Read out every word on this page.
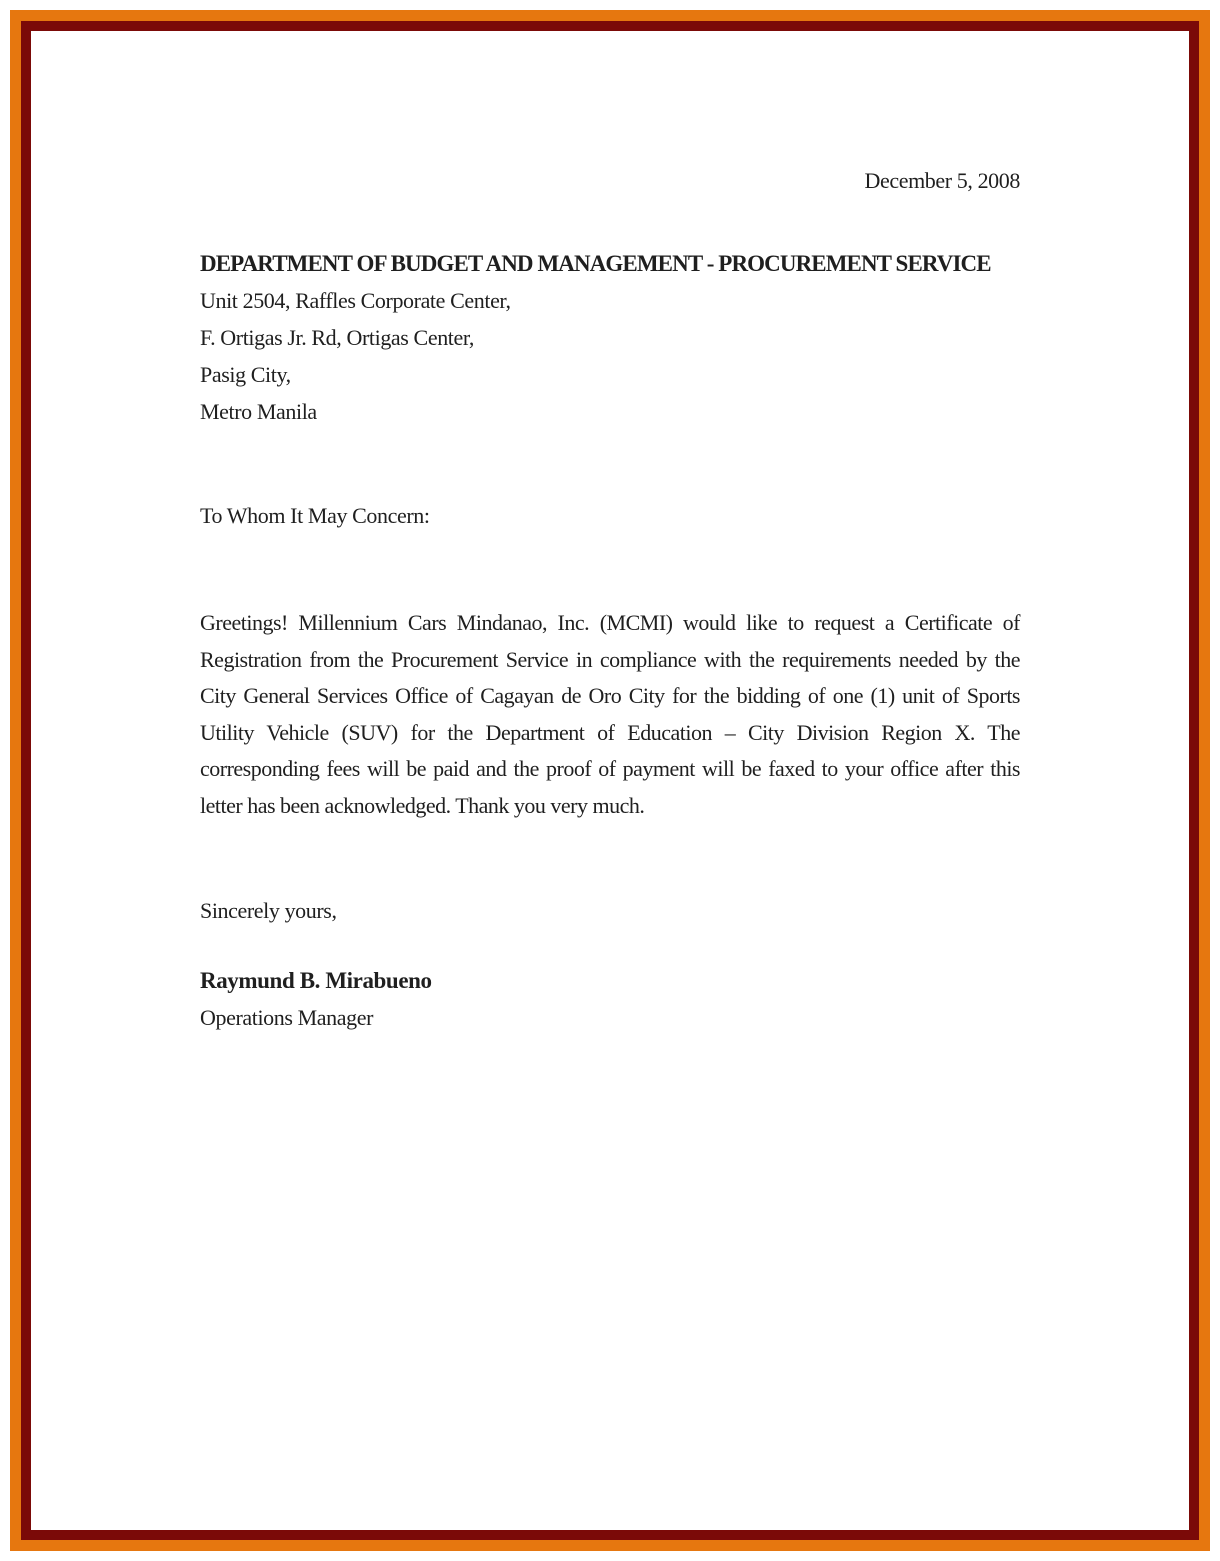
December 5, 2008
DEPARTMENT OF BUDGET AND MANAGEMENT - PROCUREMENT SERVICE
Unit 2504, Raffles Corporate Center,
F. Ortigas Jr. Rd, Ortigas Center,
Pasig City,
Metro Manila
To Whom It May Concern:

Greetings! Millennium Cars Mindanao, Inc. (MCMI) would like to request a Certificate of Registration from the Procurement Service in compliance with the requirements needed by the City General Services Office of Cagayan de Oro City for the bidding of one (1) unit of Sports Utility Vehicle (SUV) for the Department of Education – City Division Region X. The corresponding fees will be paid and the proof of payment will be faxed to your office after this letter has been acknowledged. Thank you very much.

Sincerely yours,
Raymund B. Mirabueno
Operations Manager
